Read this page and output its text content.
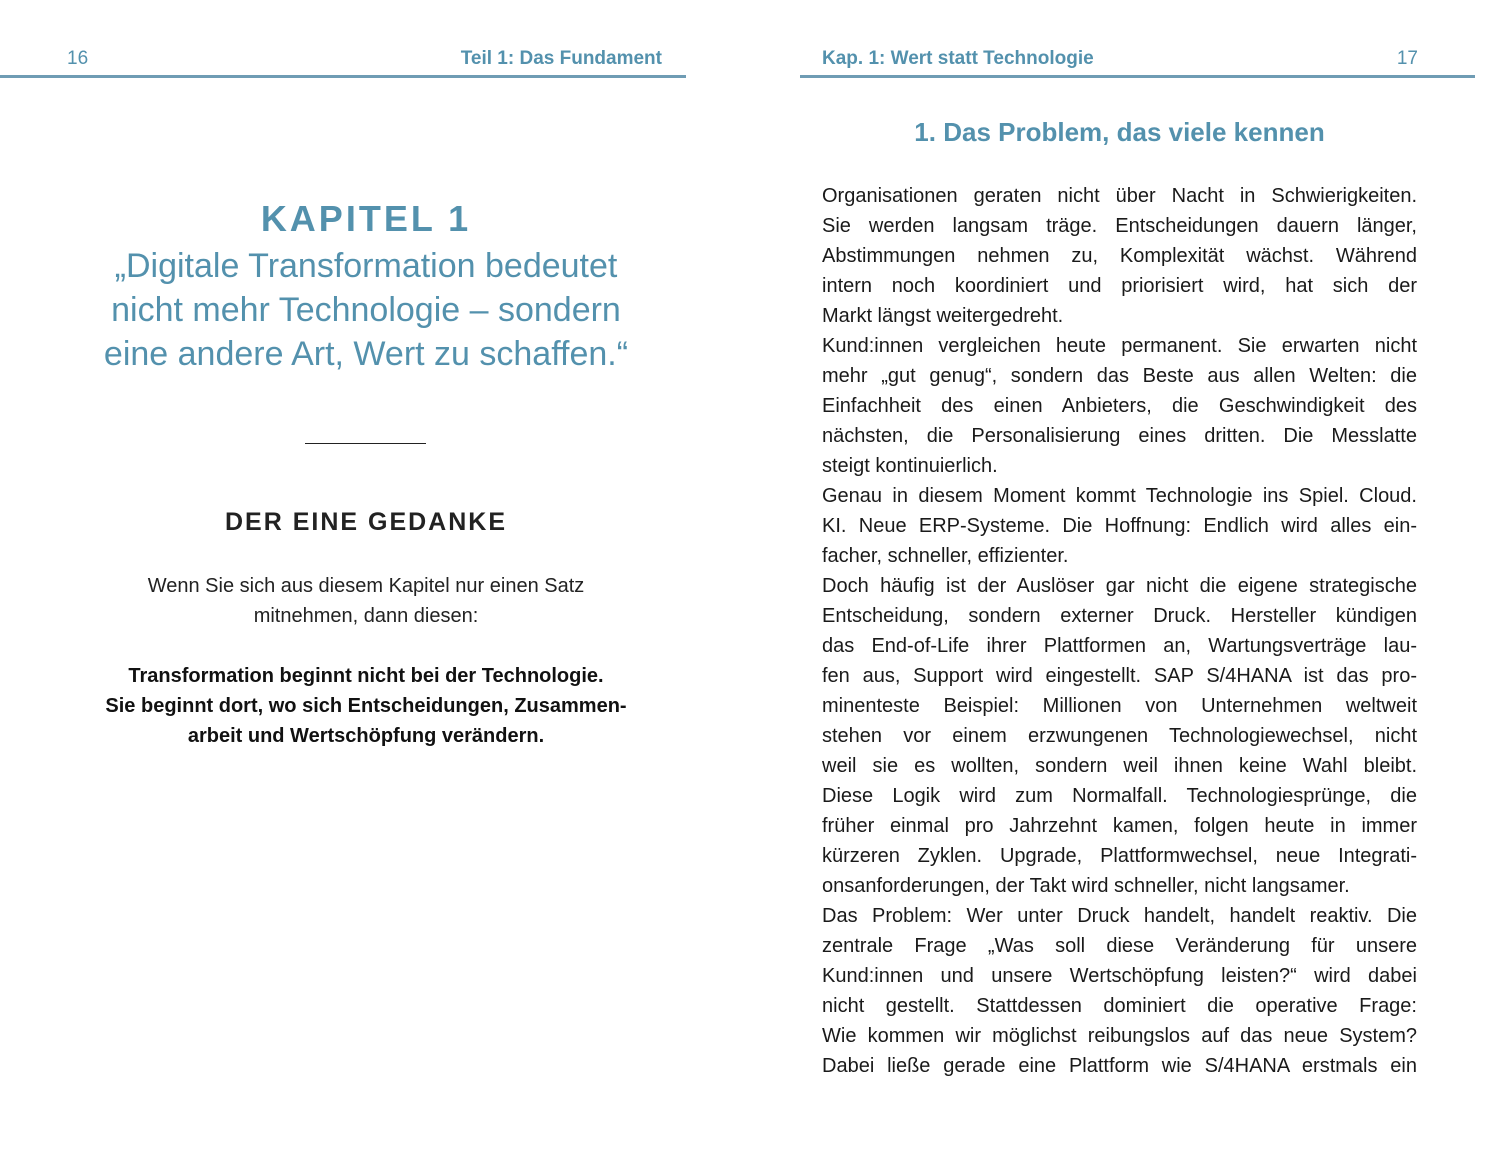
16	Teil 1: Das Fundament
KAPITEL 1
„Digitale Transformation bedeutet
nicht mehr Technologie – sondern
eine andere Art, Wert zu schaffen.“
DER EINE GEDANKE
Wenn Sie sich aus diesem Kapitel nur einen Satz
mitnehmen, dann diesen:
Transformation beginnt nicht bei der Technologie.
Sie beginnt dort, wo sich Entscheidungen, Zusammen-
arbeit und Wertschöpfung verändern.
Kap. 1: Wert statt Technologie	17
1. Das Problem, das viele kennen
Organisationen geraten nicht über Nacht in Schwierigkeiten.
Sie werden langsam träge. Entscheidungen dauern länger,
Abstimmungen nehmen zu, Komplexität wächst. Während
intern noch koordiniert und priorisiert wird, hat sich der
Markt längst weitergedreht.
Kund:innen vergleichen heute permanent. Sie erwarten nicht
mehr „gut genug“, sondern das Beste aus allen Welten: die
Einfachheit des einen Anbieters, die Geschwindigkeit des
nächsten, die Personalisierung eines dritten. Die Messlatte
steigt kontinuierlich.
Genau in diesem Moment kommt Technologie ins Spiel. Cloud.
KI. Neue ERP-Systeme. Die Hoffnung: Endlich wird alles ein-
facher, schneller, effizienter.
Doch häufig ist der Auslöser gar nicht die eigene strategische
Entscheidung, sondern externer Druck. Hersteller kündigen
das End-of-Life ihrer Plattformen an, Wartungsverträge lau-
fen aus, Support wird eingestellt. SAP S/4HANA ist das pro-
minenteste Beispiel: Millionen von Unternehmen weltweit
stehen vor einem erzwungenen Technologiewechsel, nicht
weil sie es wollten, sondern weil ihnen keine Wahl bleibt.
Diese Logik wird zum Normalfall. Technologiesprünge, die
früher einmal pro Jahrzehnt kamen, folgen heute in immer
kürzeren Zyklen. Upgrade, Plattformwechsel, neue Integrati-
onsanforderungen, der Takt wird schneller, nicht langsamer.
Das Problem: Wer unter Druck handelt, handelt reaktiv. Die
zentrale Frage „Was soll diese Veränderung für unsere
Kund:innen und unsere Wertschöpfung leisten?“ wird dabei
nicht gestellt. Stattdessen dominiert die operative Frage:
Wie kommen wir möglichst reibungslos auf das neue System?
Dabei ließe gerade eine Plattform wie S/4HANA erstmals ein
